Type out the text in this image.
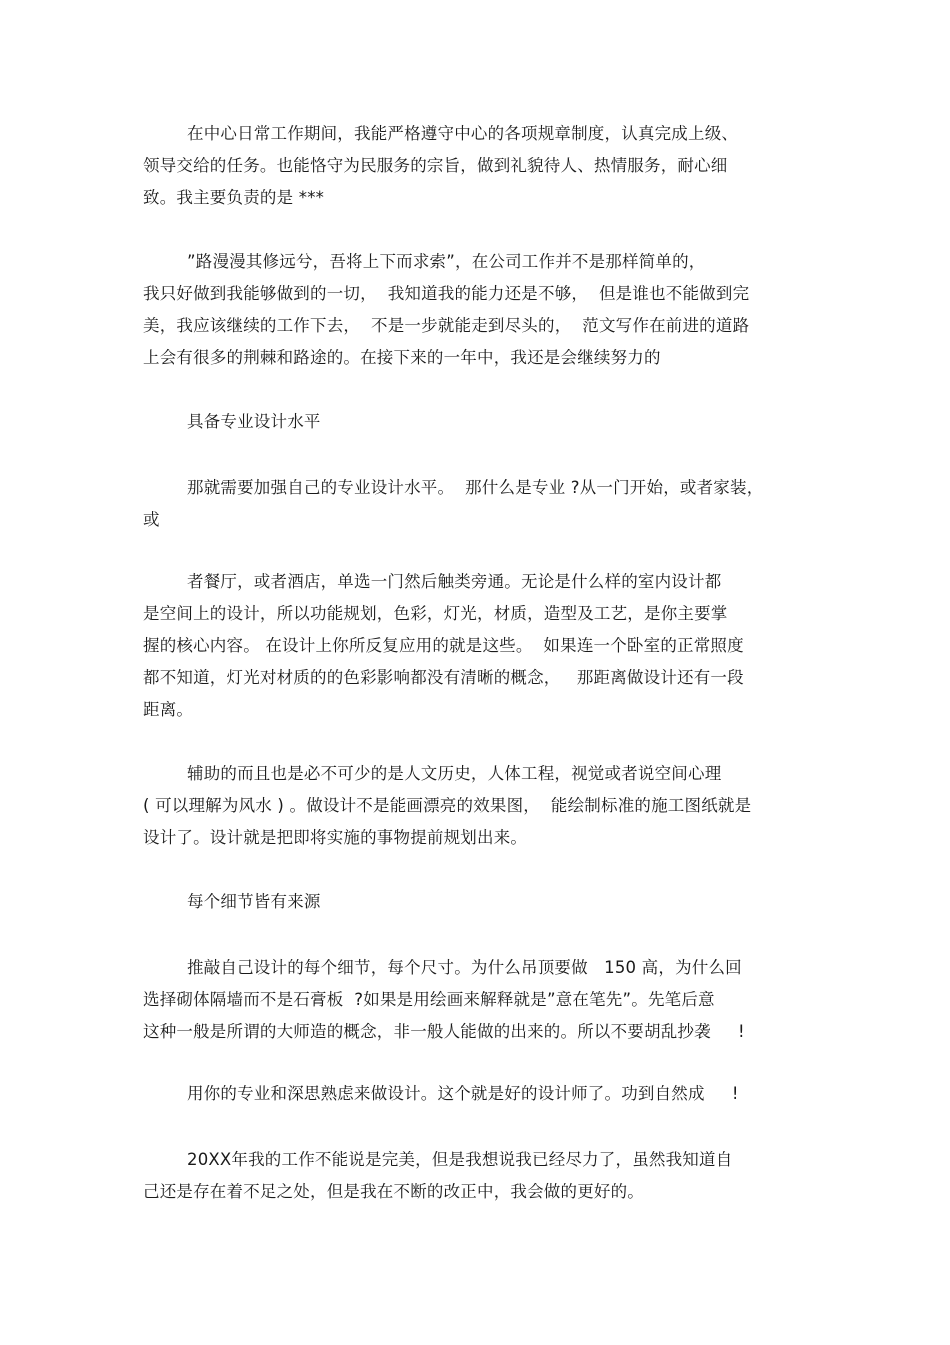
在中心日常工作期间，我能严格遵守中心的各项规章制度，认真完成上级、
领导交给的任务。也能恪守为民服务的宗旨，做到礼貌待人、热情服务，耐心细
致。我主要负责的是 ***
”路漫漫其修远兮，吾将上下而求索”，在公司工作并不是那样简单的，
我只好做到我能够做到的一切，  我知道我的能力还是不够，  但是谁也不能做到完
美，我应该继续的工作下去，  不是一步就能走到尽头的，  范文写作在前进的道路
上会有很多的荆棘和路途的。在接下来的一年中，我还是会继续努力的
具备专业设计水平
那就需要加强自己的专业设计水平。  那什么是专业 ?从一门开始，或者家装，
或
者餐厅，或者酒店，单选一门然后触类旁通。无论是什么样的室内设计都
是空间上的设计，所以功能规划，色彩，灯光，材质，造型及工艺，是你主要掌
握的核心内容。 在设计上你所反复应用的就是这些。  如果连一个卧室的正常照度
都不知道，灯光对材质的的色彩影响都没有清晰的概念，   那距离做设计还有一段
距离。
辅助的而且也是必不可少的是人文历史，人体工程，视觉或者说空间心理
( 可以理解为风水 ) 。做设计不是能画漂亮的效果图，  能绘制标准的施工图纸就是
设计了。设计就是把即将实施的事物提前规划出来。
每个细节皆有来源
推敲自己设计的每个细节，每个尺寸。为什么吊顶要做   150 高，为什么回
选择砌体隔墙而不是石膏板  ?如果是用绘画来解释就是”意在笔先”。先笔后意
这种一般是所谓的大师造的概念，非一般人能做的出来的。所以不要胡乱抄袭     !
用你的专业和深思熟虑来做设计。这个就是好的设计师了。功到自然成     !
20XX年我的工作不能说是完美，但是我想说我已经尽力了，虽然我知道自
己还是存在着不足之处，但是我在不断的改正中，我会做的更好的。
